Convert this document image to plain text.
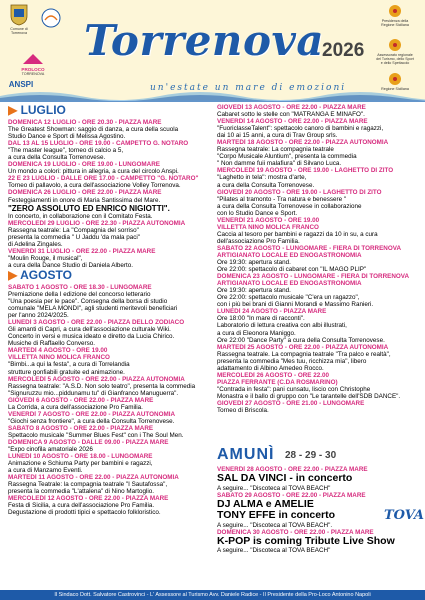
Comune di
Torrenova
PROLOCO
TORRENOVA
ANSPI
Torrenova
2026
un'estate un mare di emozioni
Presidenza della
Regione Siciliana
Assessorato regionale
del Turismo, dello Sport
e dello Spettacolo
Regione Siciliana

▶ LUGLIO

DOMENICA 12 LUGLIO - ORE 20.30 - PIAZZA MARE

The Greatest Showman: saggio di danza, a cura della scuola

Studio Dance e Sport di Melissa Agostino.

DAL 13 AL 15 LUGLIO - ORE 19.00 - CAMPETTO G. NOTARO

"The master league", torneo di calcio a 5,

a cura della Consulta Torrenovese.

DOMENICA 19 LUGLIO - ORE 19.00 - LUNGOMARE

Un mondo a colori: pittura in allegria, a cura del circolo Anspi.

22 E 23 LUGLIO - DALLE ORE 17.00 - CAMPETTO "G. NOTARO"

Torneo di pallavolo, a cura dell'associazione Volley Torrenova.

DOMENICA 26 LUGLIO - ORE 22.00 - PIAZZA MARE

Festeggiamenti in onore di Maria Santissima del Mare.

"ZERO ASSOLUTO ED ENRICO NIGIOTTI".

In concerto, in collaborazione con il Comitato Festa.

MERCOLEDÌ 29 LUGLIO - ORE 22.30 - PIAZZA AUTONOMIA

Rassegna teatrale: La "Compagnia del sorriso"

presenta la commedia " U Jaddu 'da mala paci"

di Adelina Zingales.

VENERDÌ 31 LUGLIO - ORE 22.00 - PIAZZA MARE

"Moulin Rouge, il musical",

a cura della Dance Studio di Daniela Alberto.

▶ AGOSTO

SABATO 1 AGOSTO - ORE 18.30 - LUNGOMARE

Premiazione della I edizione del concorso letterario

"Una poesia per le pace". Consegna della borsa di studio

comunale "MELA MONDI", agli studenti meritevoli beneficiari

per l'anno 2024/2025.

LUNEDÌ 3 AGOSTO - ORE 22.00 - PIAZZA DELLO ZODIACO

Gli amanti di Capri, a cura dell'associazione culturale Wiki.

Concerto in versi e musica ideato e diretto da Lucia Chirico.

Musiche di Raffaello Converso.

MARTEDÌ 4 AGOSTO - ORE 19.00

VILLETTA NINO MOLICA FRANCO

"Bimbi...a qui la festa", a cura di Torrelandia

strutture gonfiabili gratuite ed animazione.

MERCOLEDÌ 5 AGOSTO - ORE 22.00 - PIAZZA AUTONOMIA

Rassegna teatrale: "A.S.D. Non solo teatro", presenta la commedia

"Signuruzzu mio...piddunamu tu" di Gianfranco Manuguerra".

GIOVEDÌ 6 AGOSTO - ORE 22.00 - PIAZZA MARE

La Corrida, a cura dell'associazione Pro Familia.

VENERDÌ 7 AGOSTO - ORE 22.00 - PIAZZA AUTONOMIA

"Giochi senza frontiere", a cura della Consulta Torrenovese.

SABATO 8 AGOSTO - ORE 22.00 - PIAZZA MARE

Spettacolo musicale "Summer Blues Fest" con i The Soul Men.

DOMENICA 9 AGOSTO - DALLE 09.00 - PIAZZA MARE

"Expo cinofila amatoriale 2026

LUNEDÌ 10 AGOSTO - ORE 18.00 - LUNGOMARE

Animazione e Schiuma Party per bambini e ragazzi,

a cura di Manzamo Eventi.

MARTEDÌ 11 AGOSTO - ORE 22.00 - PIAZZA AUTONOMIA

Rassegna Teatrale: la compagnia teatrale "I Sautafossa",

presenta la commedia "L'attalena" di Nino Martoglio.

MERCOLEDÌ 12 AGOSTO - ORE 22.00 - PIAZZA MARE

Festa di Sicilia, a cura dell'associazione Pro Familia.

Degustazione di prodotti tipici e spettacolo folkloristico.

GIOVEDÌ 13 AGOSTO - ORE 22.00 - PIAZZA MARE

Cabaret sotto le stelle con "MATRANGA E MINAFÒ".

VENERDÌ 14 AGOSTO - ORE 22.00 - PIAZZA MARE

"FuoriclasseTalent": spettacolo canoro di bambini e ragazzi,

dai 10 ai 15 anni, a cura di Trav Group srls.

MARTEDÌ 18 AGOSTO - ORE 22.00 - PIAZZA AUTONOMIA

Rassegna teatrale: La compagnia teatrale

"Corpo Musicale Aluntium", presenta la commedia

" Non damme fuii malafiura" di Silvano Luca.

MERCOLEDÌ 19 AGOSTO - ORE 19.00 - LAGHETTO DI ZITO

"Laghetto in tela": mostra d'arte,

a cura della Consulta Torrenovese.

GIOVEDÌ 20 AGOSTO - ORE 19.00 - LAGHETTO DI ZITO

"Pilates al tramonto - Tra natura e benessere "

a cura della Consulta Torrenovese in collaborazione

con lo Studio Dance e Sport.

VENERDÌ 21 AGOSTO - ORE 19.00

VILLETTA NINO MOLICA FRANCO

Caccia al tesoro per bambini e ragazzi da 10 in su, a cura

dell'associazione Pro Familia.

SABATO 22 AGOSTO - LUNGOMARE - FIERA DI TORRENOVA

ARTIGIANATO LOCALE ED ENOGASTRONOMIA

Ore 19:30: apertura stand.

Ore 22:00: spettacolo di cabaret con "IL MAGO PLIP"

DOMENICA 23 AGOSTO - LUNGOMARE - FIERA DI TORRENOVA

ARTIGIANATO LOCALE ED ENOGASTRONOMIA

Ore 19:30: apertura stand.

Ore 22:00: spettacolo musicale "C'era un ragazzo",

con i più bei brani di Gianni Morandi e Massimo Ranieri.

LUNEDÌ 24 AGOSTO - PIAZZA MARE

Ore 18:00 "In mare di racconti".

Laboratorio di lettura creativa con albi illustrati,

a cura di Eleonora Maniggo.

Ore 22:00 "Dance Party" a cura della Consulta Torrenovese.

MARTEDÌ 25 AGOSTO - ORE 22.00 - PIAZZA AUTONOMIA

Rassegna teatrale. La compagnia teatrale "Tra palco e realtà",

presenta la commedia "Mes tuu, ricchizza mia", libero

adattamento di Albino Amedeo Rocco.

MERCOLEDÌ 26 AGOSTO - ORE 22.00

PIAZZA FERRANTE (C.DA ROSMARINO)

"Contrada in festa": pani cunsatu, liscio con Christophe

Monastra e il ballo di gruppo con "Le tarantelle dell'SDB DANCE".

GIOVEDÌ 27 AGOSTO - ORE 21.00 - LUNGOMARE

Torneo di Briscola.

AMUNÌ 28 - 29 - 30

VENERDÌ 28 AGOSTO - ORE 22.00 - PIAZZA MARE

SAL DA VINCI - in concerto

A seguire... "Discoteca al TOVA BEACH"

SABATO 29 AGOSTO - ORE 22.00 - PIAZZA MARE

DJ ALMA e AMELIE

TONY EFFE in concerto

A seguire... "Discoteca al TOVA BEACH".

DOMENICA 30 AGOSTO - ORE 22.00 - PIAZZA MARE

K-POP is coming Tribute Live Show

A seguire... "Discoteca al TOVA BEACH"

TOVA
Il Sindaco Dott. Salvatore Castrovinci - L' Assessore al Turismo Avv. Daniele Radice - Il Presidente della Pro-Loco Antonino Napoli
